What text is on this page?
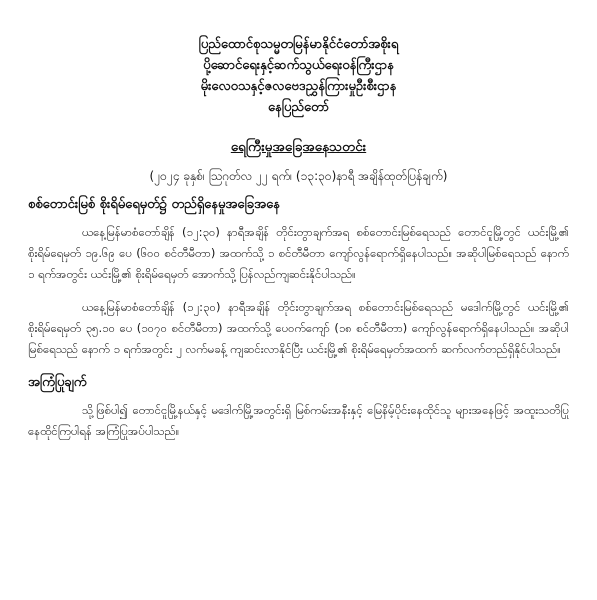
ပြည်ထောင်စုသမ္မတမြန်မာနိုင်ငံတော်အစိုးရ
ပို့ဆောင်ရေးနှင့်ဆက်သွယ်ရေးဝန်ကြီးဌာန
မိုးလေဝသနှင့်ဇလဗေဒညွှန်ကြားမှုဦးစီးဌာန
နေပြည်တော်
ရေကြီးမှုအခြေအနေသတင်း
(၂၀၂၄ ခုနှစ်၊ ဩဂုတ်လ ၂၂ ရက်၊ (၁၃:၃၀)နာရီ အချိန်ထုတ်ပြန်ချက်)
စစ်တောင်းမြစ် စိုးရိမ်ရေမှတ်၌ တည်ရှိနေမှုအခြေအနေ

ယနေ့မြန်မာစံတော်ချိန် (၁၂:၃၀) နာရီအချိန် တိုင်းတွာချက်အရ စစ်တောင်းမြစ်ရေသည် တောင်ငူမြို့တွင် ယင်းမြို့၏ စိုးရိမ်ရေမှတ် ၁၉.၆၉ ပေ (၆၀၀ စင်တီမီတာ) အထက်သို့ ၁ စင်တီမီတာ ကျော်လွန်ရောက်ရှိနေပါသည်။ အဆိုပါမြစ်ရေသည် နောက် ၁ ရက်အတွင်း ယင်းမြို့၏ စိုးရိမ်ရေမှတ် အောက်သို့ ပြန်လည်ကျဆင်းနိုင်ပါသည်။

ယနေ့မြန်မာစံတော်ချိန် (၁၂:၃၀) နာရီအချိန် တိုင်းတွာချက်အရ စစ်တောင်းမြစ်ရေသည် မဒေါက်မြို့တွင် ယင်းမြို့၏ စိုးရိမ်ရေမှတ် ၃၅.၁၀ ပေ (၁၀၇၀ စင်တီမီတာ) အထက်သို့ ပေ၀က်ကျော် (၁၈ စင်တီမီတာ) ကျော်လွန်ရောက်ရှိနေပါသည်။ အဆိုပါမြစ်ရေသည် နောက် ၁ ရက်အတွင်း ၂ လက်မခန့် ကျဆင်းလာနိုင်ပြီး ယင်းမြို့၏ စိုးရိမ်ရေမှတ်အထက် ဆက်လက်တည်ရှိနိုင်ပါသည်။

အကြံပြုချက်

သို့ဖြစ်ပါ၍ တောင်ငူမြို့နယ်နှင့် မဒေါက်မြို့အတွင်းရှိ မြစ်ကမ်းအနီးနှင့် မြေနိမ့်ပိုင်းနေထိုင်သူ များအနေဖြင့် အထူးသတိပြုနေထိုင်ကြပါရန် အကြံပြုအပ်ပါသည်။
